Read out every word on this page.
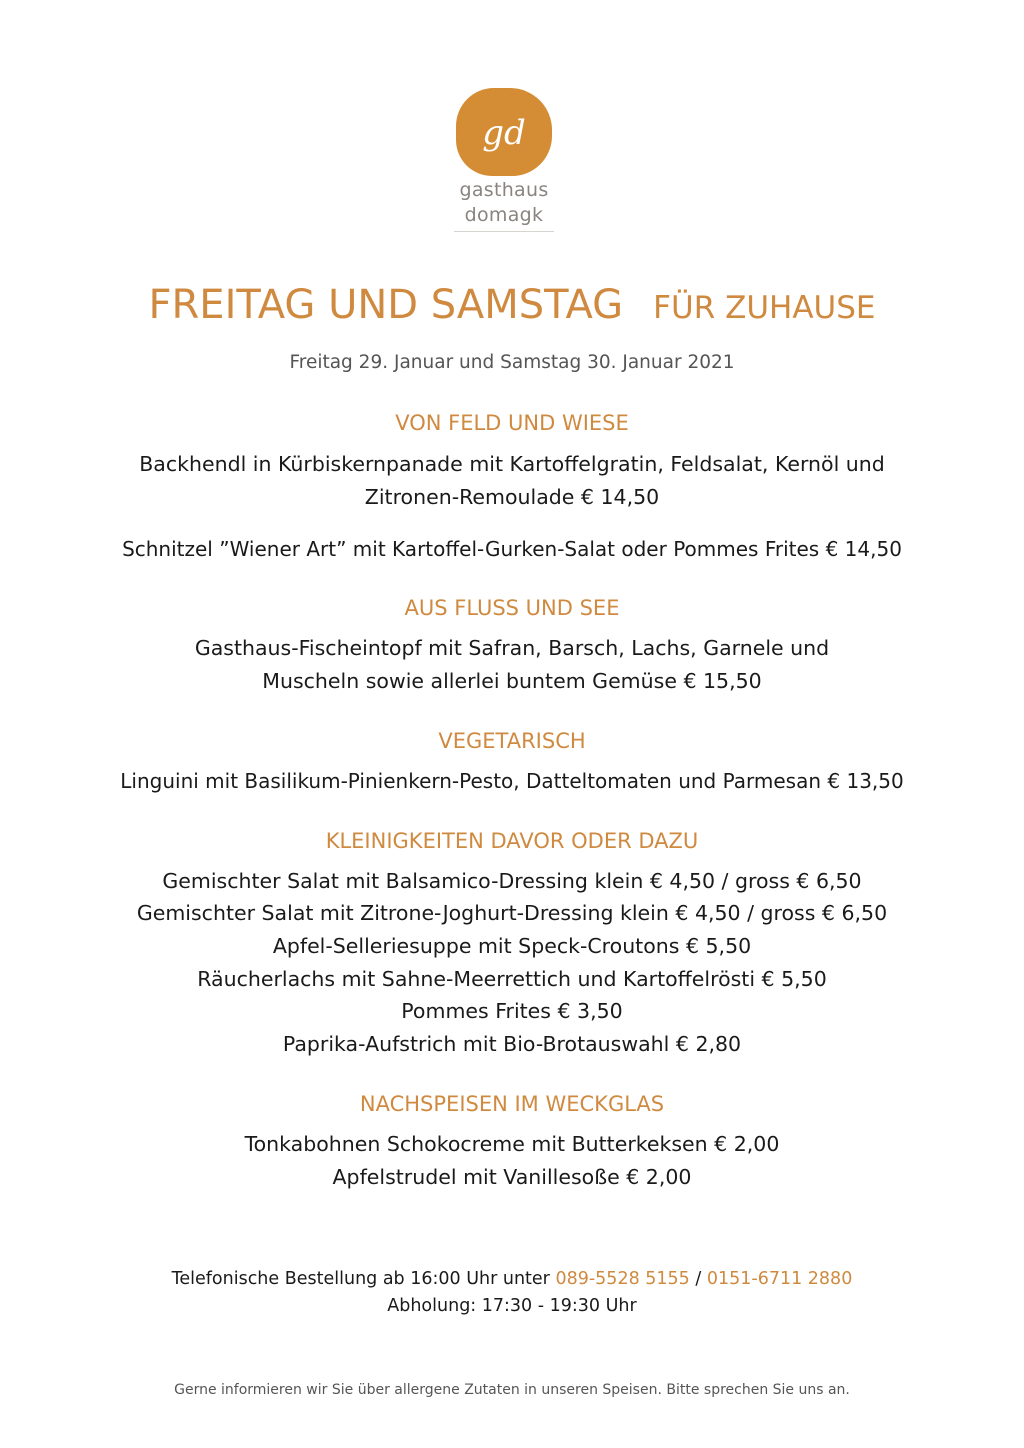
gd
gasthaus
domagk
FREITAG UND SAMSTAG FÜR ZUHAUSE
Freitag 29. Januar und Samstag 30. Januar 2021
VON FELD UND WIESE
Backhendl in Kürbiskernpanade mit Kartoffelgratin, Feldsalat, Kernöl und
Zitronen-Remoulade € 14,50
Schnitzel ”Wiener Art” mit Kartoffel-Gurken-Salat oder Pommes Frites € 14,50
AUS FLUSS UND SEE
Gasthaus-Fischeintopf mit Safran, Barsch, Lachs, Garnele und
Muscheln sowie allerlei buntem Gemüse € 15,50
VEGETARISCH
Linguini mit Basilikum-Pinienkern-Pesto, Datteltomaten und Parmesan € 13,50
KLEINIGKEITEN DAVOR ODER DAZU
Gemischter Salat mit Balsamico-Dressing klein € 4,50 / gross € 6,50
Gemischter Salat mit Zitrone-Joghurt-Dressing klein € 4,50 / gross € 6,50
Apfel-Selleriesuppe mit Speck-Croutons € 5,50
Räucherlachs mit Sahne-Meerrettich und Kartoffelrösti € 5,50
Pommes Frites € 3,50
Paprika-Aufstrich mit Bio-Brotauswahl € 2,80
NACHSPEISEN IM WECKGLAS
Tonkabohnen Schokocreme mit Butterkeksen € 2,00
Apfelstrudel mit Vanillesoße € 2,00
Telefonische Bestellung ab 16:00 Uhr unter 089-5528 5155 / 0151-6711 2880
Abholung: 17:30 - 19:30 Uhr
Gerne informieren wir Sie über allergene Zutaten in unseren Speisen. Bitte sprechen Sie uns an.
